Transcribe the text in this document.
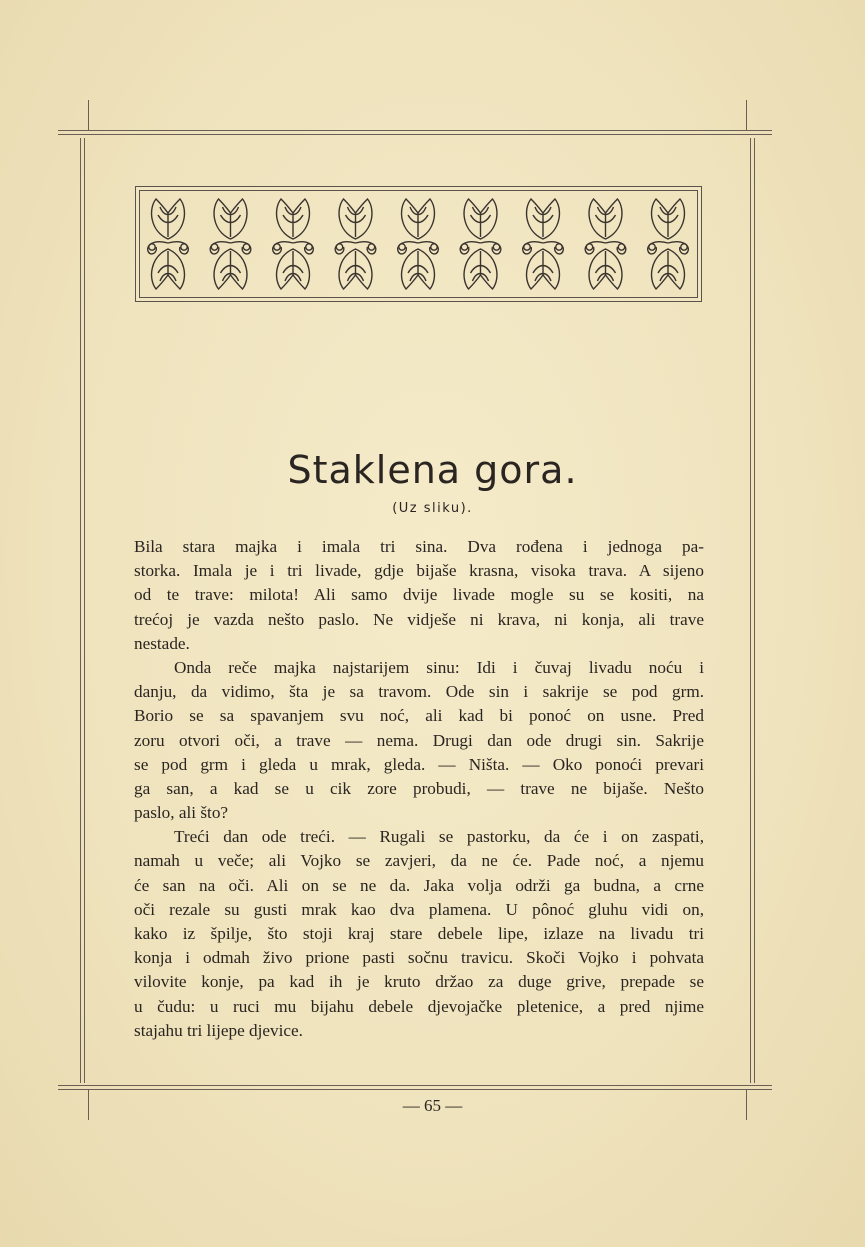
Staklena gora.
(Uz sliku).
Bila stara majka i imala tri sina. Dva rođena i jednoga pa-
storka. Imala je i tri livade, gdje bijaše krasna, visoka trava. A sijeno
od te trave: milota! Ali samo dvije livade mogle su se kositi, na
trećoj je vazda nešto paslo. Ne vidješe ni krava, ni konja, ali trave
nestade.
Onda reče majka najstarijem sinu: Idi i čuvaj livadu noću i
danju, da vidimo, šta je sa travom. Ode sin i sakrije se pod grm.
Borio se sa spavanjem svu noć, ali kad bi ponoć on usne. Pred
zoru otvori oči, a trave — nema. Drugi dan ode drugi sin. Sakrije
se pod grm i gleda u mrak, gleda. — Ništa. — Oko ponoći prevari
ga san, a kad se u cik zore probudi, — trave ne bijaše. Nešto
paslo, ali što?
Treći dan ode treći. — Rugali se pastorku, da će i on zaspati,
namah u veče; ali Vojko se zavjeri, da ne će. Pade noć, a njemu
će san na oči. Ali on se ne da. Jaka volja održi ga budna, a crne
oči rezale su gusti mrak kao dva plamena. U pônoć gluhu vidi on,
kako iz špilje, što stoji kraj stare debele lipe, izlaze na livadu tri
konja i odmah živo prione pasti sočnu travicu. Skoči Vojko i pohvata
vilovite konje, pa kad ih je kruto držao za duge grive, prepade se
u čudu: u ruci mu bijahu debele djevojačke pletenice, a pred njime
stajahu tri lijepe djevice.
— 65 —
